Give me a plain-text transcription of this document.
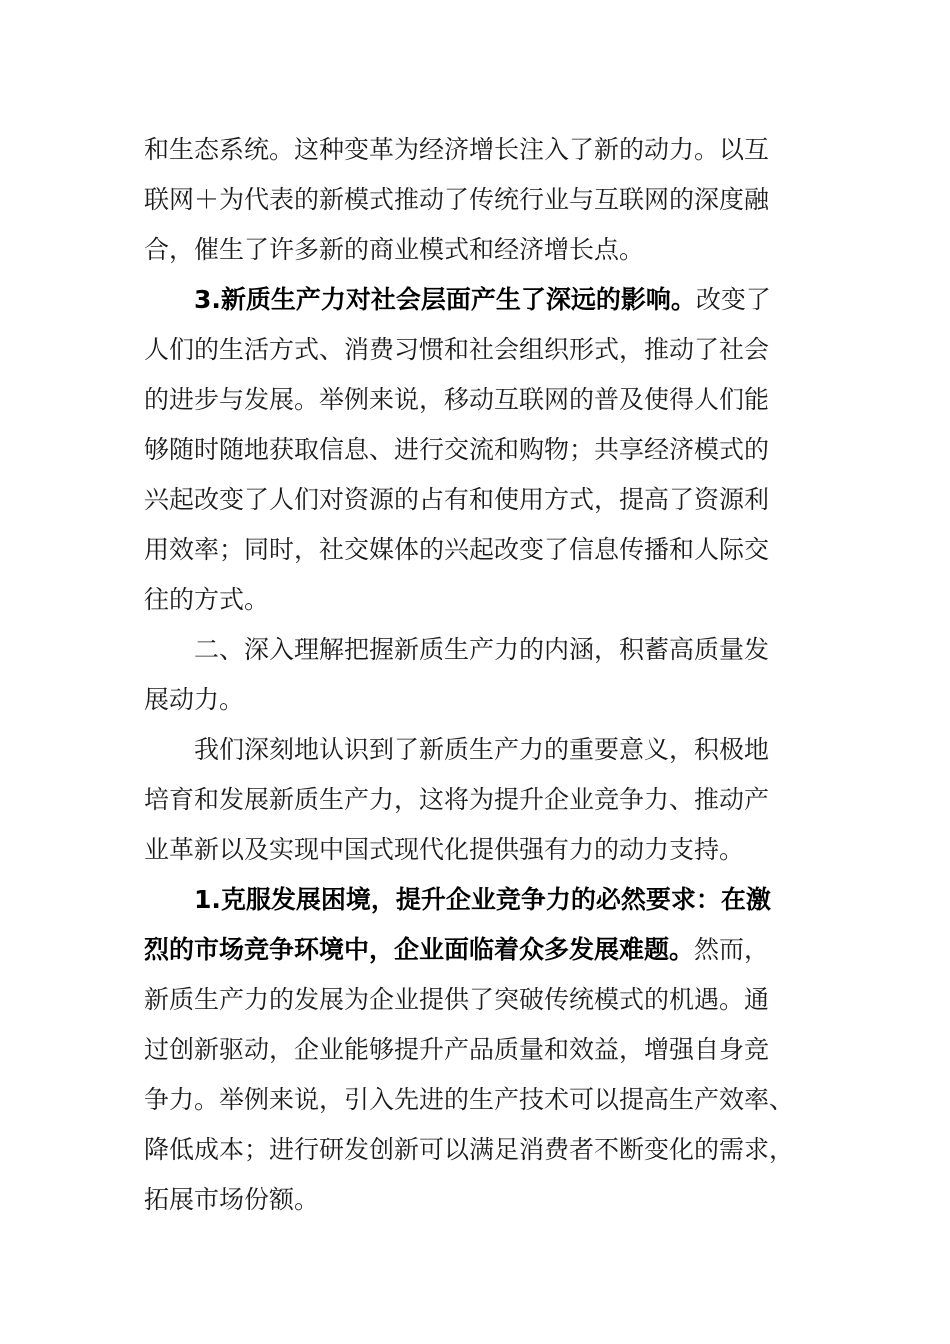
和生态系统。这种变革为经济增长注入了新的动力。以互
联网＋为代表的新模式推动了传统行业与互联网的深度融
合，催生了许多新的商业模式和经济增长点。
3.新质生产力对社会层面产生了深远的影响。改变了
人们的生活方式、消费习惯和社会组织形式，推动了社会
的进步与发展。举例来说，移动互联网的普及使得人们能
够随时随地获取信息、进行交流和购物；共享经济模式的
兴起改变了人们对资源的占有和使用方式，提高了资源利
用效率；同时，社交媒体的兴起改变了信息传播和人际交
往的方式。
二、深入理解把握新质生产力的内涵，积蓄高质量发
展动力。
我们深刻地认识到了新质生产力的重要意义，积极地
培育和发展新质生产力，这将为提升企业竞争力、推动产
业革新以及实现中国式现代化提供强有力的动力支持。
1.克服发展困境，提升企业竞争力的必然要求：在激
烈的市场竞争环境中，企业面临着众多发展难题。然而，
新质生产力的发展为企业提供了突破传统模式的机遇。通
过创新驱动，企业能够提升产品质量和效益，增强自身竞
争力。举例来说，引入先进的生产技术可以提高生产效率、
降低成本；进行研发创新可以满足消费者不断变化的需求，
拓展市场份额。
